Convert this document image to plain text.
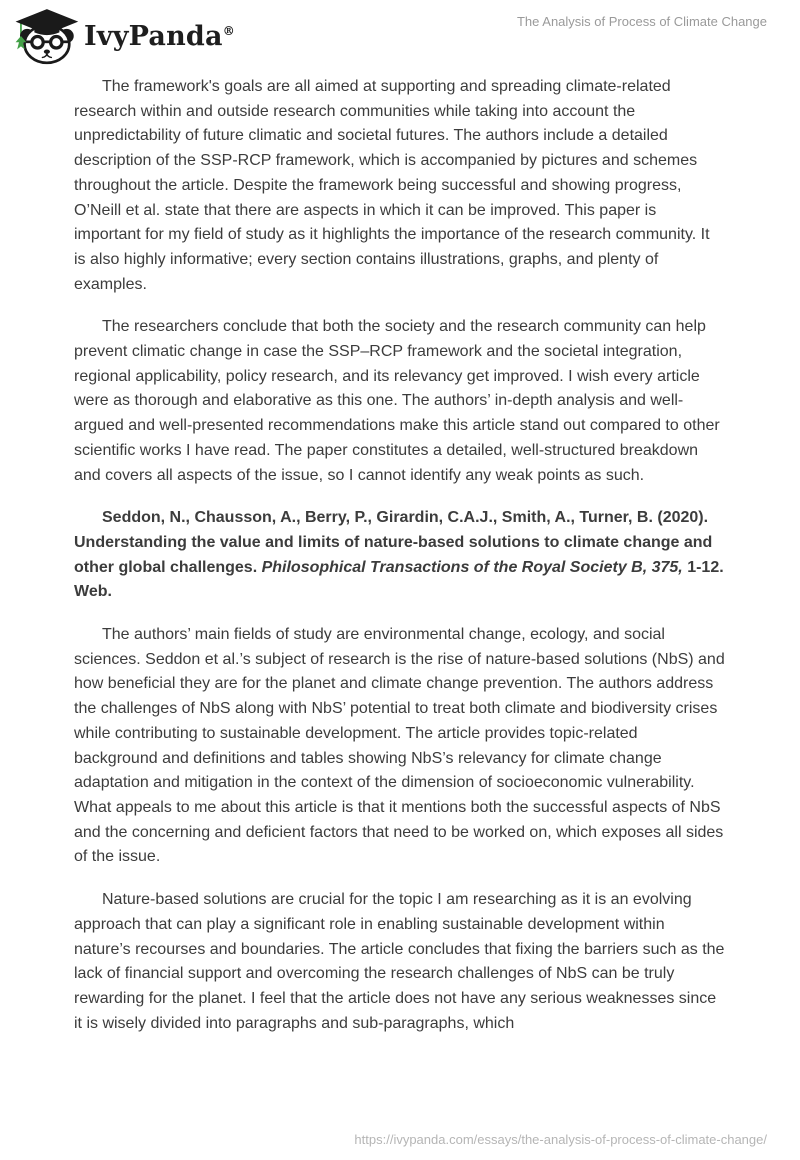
IvyPanda®
The Analysis of Process of Climate Change

The framework's goals are all aimed at supporting and spreading climate-related research within and outside research communities while taking into account the unpredictability of future climatic and societal futures. The authors include a detailed description of the SSP-RCP framework, which is accompanied by pictures and schemes throughout the article. Despite the framework being successful and showing progress, O’Neill et al. state that there are aspects in which it can be improved. This paper is important for my field of study as it highlights the importance of the research community. It is also highly informative; every section contains illustrations, graphs, and plenty of examples.

The researchers conclude that both the society and the research community can help prevent climatic change in case the SSP–RCP framework and the societal integration, regional applicability, policy research, and its relevancy get improved. I wish every article were as thorough and elaborative as this one. The authors’ in-depth analysis and well-argued and well-presented recommendations make this article stand out compared to other scientific works I have read. The paper constitutes a detailed, well-structured breakdown and covers all aspects of the issue, so I cannot identify any weak points as such.

Seddon, N., Chausson, A., Berry, P., Girardin, C.A.J., Smith, A., Turner, B. (2020). Understanding the value and limits of nature-based solutions to climate change and other global challenges. Philosophical Transactions of the Royal Society B, 375, 1-12. Web.

The authors’ main fields of study are environmental change, ecology, and social sciences. Seddon et al.’s subject of research is the rise of nature-based solutions (NbS) and how beneficial they are for the planet and climate change prevention. The authors address the challenges of NbS along with NbS’ potential to treat both climate and biodiversity crises while contributing to sustainable development. The article provides topic-related background and definitions and tables showing NbS’s relevancy for climate change adaptation and mitigation in the context of the dimension of socioeconomic vulnerability. What appeals to me about this article is that it mentions both the successful aspects of NbS and the concerning and deficient factors that need to be worked on, which exposes all sides of the issue.

Nature-based solutions are crucial for the topic I am researching as it is an evolving approach that can play a significant role in enabling sustainable development within nature’s recourses and boundaries. The article concludes that fixing the barriers such as the lack of financial support and overcoming the research challenges of NbS can be truly rewarding for the planet. I feel that the article does not have any serious weaknesses since it is wisely divided into paragraphs and sub-paragraphs, which

https://ivypanda.com/essays/the-analysis-of-process-of-climate-change/
